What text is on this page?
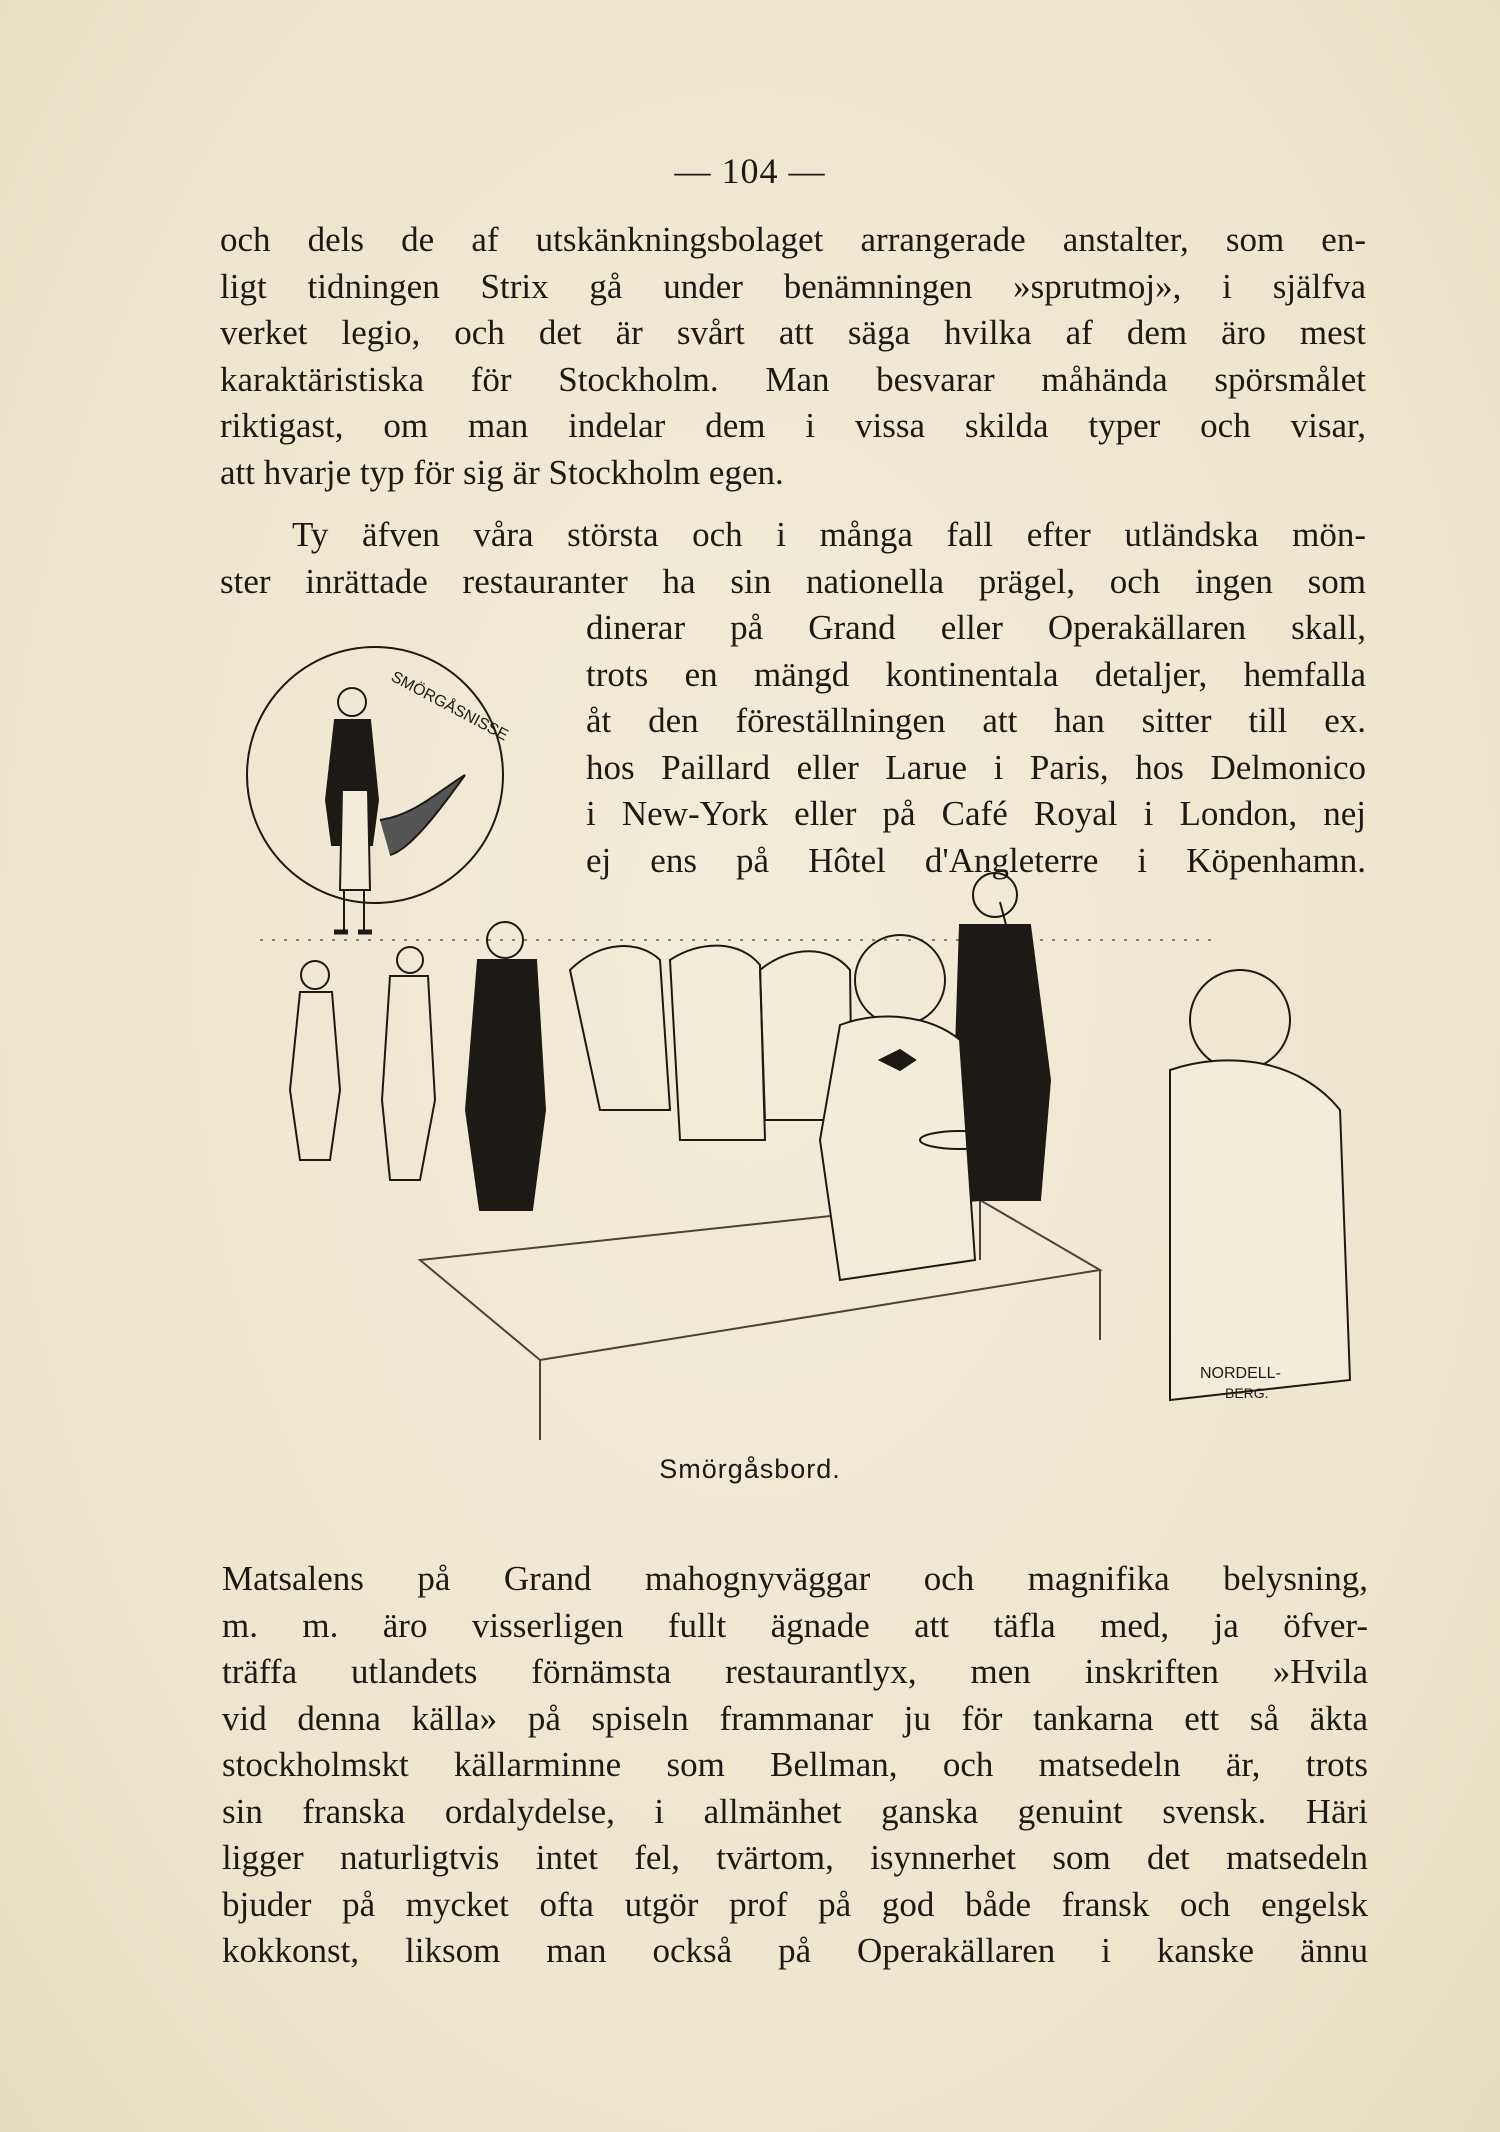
— 104 —
och dels de af utskänkningsbolaget arrangerade anstalter, som en-
ligt tidningen Strix gå under benämningen »sprutmoj», i själfva
verket legio, och det är svårt att säga hvilka af dem äro mest
karaktäristiska för Stockholm. Man besvarar måhända spörsmålet
riktigast, om man indelar dem i vissa skilda typer och visar,
att hvarje typ för sig är Stockholm egen.
Ty äfven våra största och i många fall efter utländska mön-
ster inrättade restauranter ha sin nationella prägel, och ingen som
dinerar på Grand eller Operakällaren skall,
trots en mängd kontinentala detaljer, hemfalla
åt den föreställningen att han sitter till ex.
hos Paillard eller Larue i Paris, hos Delmonico
i New-York eller på Café Royal i London, nej
ej ens på Hôtel d'Angleterre i Köpenhamn.
SMÖRGÅSNISSE
NORDELL-
BERG.
Smörgåsbord.
Matsalens på Grand mahognyväggar och magnifika belysning,
m. m. äro visserligen fullt ägnade att täfla med, ja öfver-
träffa utlandets förnämsta restaurantlyx, men inskriften »Hvila
vid denna källa» på spiseln frammanar ju för tankarna ett så äkta
stockholmskt källarminne som Bellman, och matsedeln är, trots
sin franska ordalydelse, i allmänhet ganska genuint svensk. Häri
ligger naturligtvis intet fel, tvärtom, isynnerhet som det matsedeln
bjuder på mycket ofta utgör prof på god både fransk och engelsk
kokkonst, liksom man också på Operakällaren i kanske ännu
